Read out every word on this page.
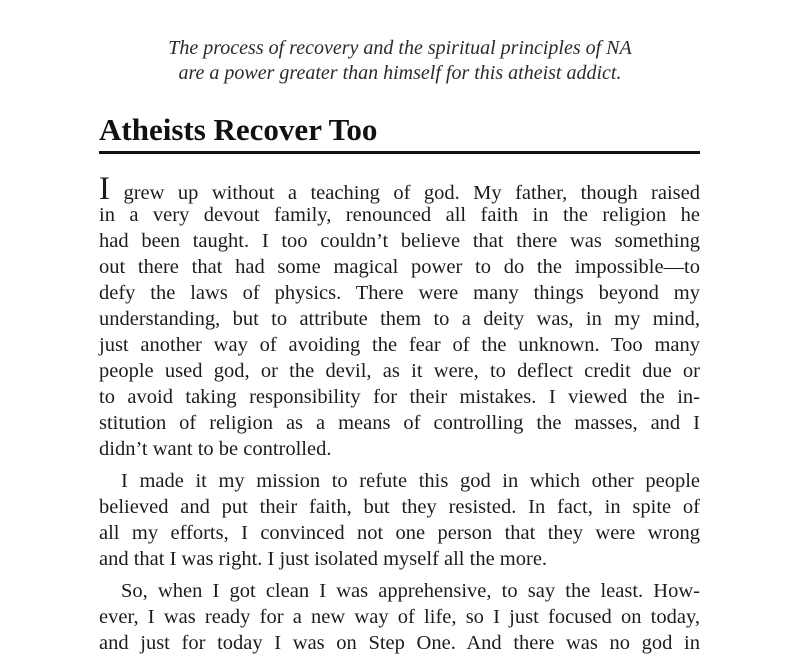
The process of recovery and the spiritual principles of NA
are a power greater than himself for this atheist addict.
Atheists Recover Too
I grew up without a teaching of god. My father, though raised
in a very devout family, renounced all faith in the religion he
had been taught. I too couldn’t believe that there was something
out there that had some magical power to do the impossible—to
defy the laws of physics. There were many things beyond my
understanding, but to attribute them to a deity was, in my mind,
just another way of avoiding the fear of the unknown. Too many
people used god, or the devil, as it were, to deflect credit due or
to avoid taking responsibility for their mistakes. I viewed the in-
stitution of religion as a means of controlling the masses, and I
didn’t want to be controlled.
I made it my mission to refute this god in which other people
believed and put their faith, but they resisted. In fact, in spite of
all my efforts, I convinced not one person that they were wrong
and that I was right. I just isolated myself all the more.
So, when I got clean I was apprehensive, to say the least. How-
ever, I was ready for a new way of life, so I just focused on today,
and just for today I was on Step One. And there was no god in
